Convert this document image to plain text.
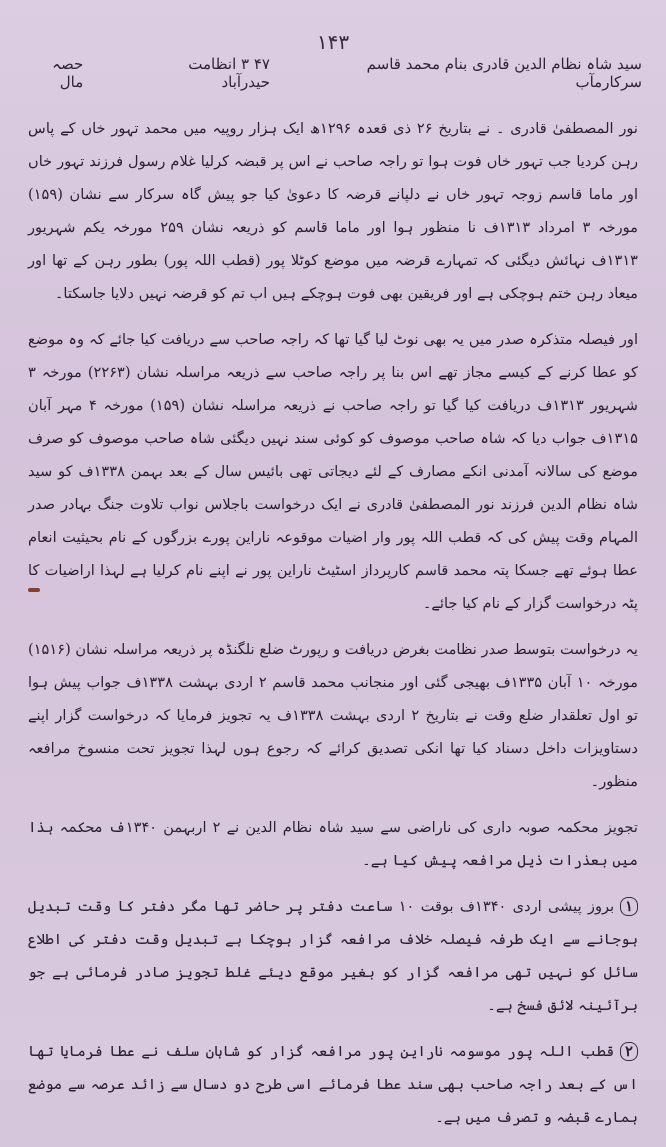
۱۴۳
سید شاہ نظام الدین قادری بنام محمد قاسم سرکارمآب
۴۷ ۳ انظامت حیدرآباد
حصہ مال

نور المصطفیٰ قادری ۔ نے بتاریخ ۲۶ ذی قعدہ ۱۲۹۶ھ ایک ہزار روپیہ میں محمد تہور خاں کے پاس رہن کردیا جب تہور خاں فوت ہوا تو راجہ صاحب نے اس پر قبضہ کرلیا غلام رسول فرزند تہور خاں اور ماما قاسم زوجہ تہور خاں نے دلپانے قرضہ کا دعویٰ کیا جو پیش گاہ سرکار سے نشان (۱۵۹) مورخہ ۳ امرداد ۱۳۱۳ف نا منظور ہوا اور ماما قاسم کو ذریعہ نشان ۲۵۹ مورخہ یکم شہریور ۱۳۱۳ف نہائش دیگئی کہ تمہارے قرضہ میں موضع کوٹلا پور (قطب اللہ پور) بطور رہن کے تھا اور میعاد رہن ختم ہوچکی ہے اور فریقین بھی فوت ہوچکے ہیں اب تم کو قرضہ نہیں دلایا جاسکتا۔

اور فیصلہ متذکرہ صدر میں یہ بھی نوٹ لیا گیا تھا کہ راجہ صاحب سے دریافت کیا جائے کہ وہ موضع کو عطا کرنے کے کیسے مجاز تھے اس بنا پر راجہ صاحب سے ذریعہ مراسلہ نشان (۲۲۶۳) مورخہ ۳ شہریور ۱۳۱۳ف دریافت کیا گیا تو راجہ صاحب نے ذریعہ مراسلہ نشان (۱۵۹) مورخہ ۴ مہر آبان ۱۳۱۵ف جواب دیا کہ شاہ صاحب موصوف کو کوئی سند نہیں دیگئی شاہ صاحب موصوف کو صرف موضع کی سالانہ آمدنی انکے مصارف کے لئے دیجاتی تھی بائیس سال کے بعد بہمن ۱۳۳۸ف کو سید شاہ نظام الدین فرزند نور المصطفیٰ قادری نے ایک درخواست باجلاس نواب تلاوت جنگ بہادر صدر المہام وقت پیش کی کہ قطب اللہ پور وار اضیات موقوعہ ناراین پورے بزرگوں کے نام بحیثیت انعام عطا ہوئے تھے جسکا پتہ محمد قاسم کارپرداز اسٹیٹ ناراین پور نے اپنے نام کرلیا ہے لہذا اراضیات کا پٹہ درخواست گزار کے نام کیا جائے۔

یہ درخواست بتوسط صدر نظامت بغرض دریافت و رپورٹ ضلع نلگنڈہ پر ذریعہ مراسلہ نشان (۱۵۱۶) مورخہ ۱۰ آبان ۱۳۳۵ف بھیجی گئی اور منجانب محمد قاسم ۲ اردی بہشت ۱۳۳۸ف جواب پیش ہوا تو اول تعلقدار ضلع وقت نے بتاریخ ۲ اردی بہشت ۱۳۳۸ف یہ تجویز فرمایا کہ درخواست گزار اپنے دستاویزات داخل دسناد کیا تھا انکی تصدیق کرائے کہ رجوع ہوں لہذا تجویز تحت منسوخ مرافعہ منظور۔

تجویز محکمہ صوبہ داری کی ناراضی سے سید شاہ نظام الدین نے ۲ اربہمن ۱۳۴۰ف محکمہ ہذا میں بعذرات ذیل مرافعہ پیش کیا ہے۔

۱بروز پیشی اردی ۱۳۴۰ف بوقت ۱۰ ساعت دفتر پر حاضر تھا مگر دفتر کا وقت تبدیل ہوجانے سے ایک طرفہ فیصلہ خلاف مرافعہ گزار ہوچکا ہے تبدیل وقت دفتر کی اطلاع سائل کو نہیں تھی مرافعہ گزار کو بغیر موقع دیئے غلط تجویز صادر فرمائی ہے جو برآئینہ لائق فسخ ہے۔

۲قطب اللہ پور موسومہ ناراین پور مرافعہ گزار کو شاہان سلف نے عطا فرمایا تھا اس کے بعد راجہ صاحب بھی سند عطا فرمائے اسی طرح دو دسال سے زائد عرصہ سے موضع ہمارے قبضہ و تصرف میں ہے۔
